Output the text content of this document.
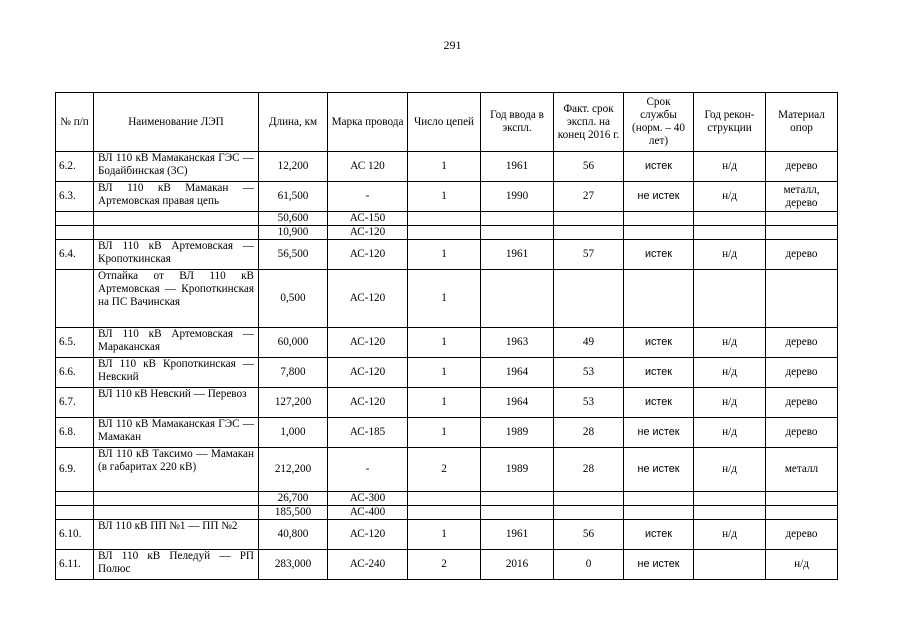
291
№ п/п	Наименование ЛЭП	Длина, км	Марка провода	Число цепей	Год ввода в экспл.	Факт. срок экспл. на конец 2016 г.	Срок службы (норм. – 40 лет)	Год рекон-струкции	Материал опор
6.2.	ВЛ 110 кВ Мамаканская ГЭС — Бодайбинская (3С)	12,200	АС 120	1	1961	56	истек	н/д	дерево
6.3.	ВЛ 110 кВ Мамакан — Артемовская правая цепь	61,500	-	1	1990	27	не истек	н/д	металл, дерево
		50,600	АС-150						
		10,900	АС-120						
6.4.	ВЛ 110 кВ Артемовская — Кропоткинская	56,500	АС-120	1	1961	57	истек	н/д	дерево
	Отпайка от ВЛ 110 кВ Артемовская — Кропоткинская на ПС Вачинская	0,500	АС-120	1					
6.5.	ВЛ 110 кВ Артемовская — Мараканская	60,000	АС-120	1	1963	49	истек	н/д	дерево
6.6.	ВЛ 110 кВ Кропоткинская — Невский	7,800	АС-120	1	1964	53	истек	н/д	дерево
6.7.	ВЛ 110 кВ Невский — Перевоз	127,200	АС-120	1	1964	53	истек	н/д	дерево
6.8.	ВЛ 110 кВ Мамаканская ГЭС — Мамакан	1,000	АС-185	1	1989	28	не истек	н/д	дерево
6.9.	ВЛ 110 кВ Таксимо — Мамакан (в габаритах 220 кВ)	212,200	-	2	1989	28	не истек	н/д	металл
		26,700	АС-300						
		185,500	АС-400						
6.10.	ВЛ 110 кВ ПП №1 — ПП №2	40,800	АС-120	1	1961	56	истек	н/д	дерево
6.11.	ВЛ 110 кВ Пеледуй — РП Полюс	283,000	АС-240	2	2016	0	не истек		н/д
